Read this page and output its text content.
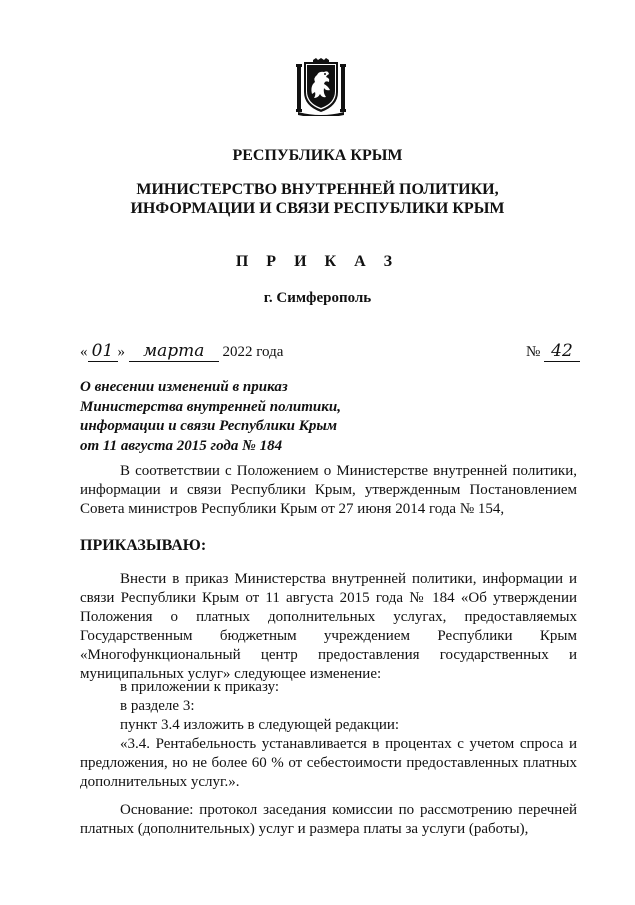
РЕСПУБЛИКА КРЫМ
МИНИСТЕРСТВО ВНУТРЕННЕЙ ПОЛИТИКИ,
ИНФОРМАЦИИ И СВЯЗИ РЕСПУБЛИКИ КРЫМ
П Р И К А З
г. Симферополь
« 01 » марта 2022 года	№ 42
О внесении изменений в приказ
Министерства внутренней политики,
информации и связи Республики Крым
от 11 августа 2015 года № 184
В соответствии с Положением о Министерстве внутренней политики, информации и связи Республики Крым, утвержденным Постановлением Совета министров Республики Крым от 27 июня 2014 года № 154,
ПРИКАЗЫВАЮ:
Внести в приказ Министерства внутренней политики, информации и связи Республики Крым от 11 августа 2015 года № 184 «Об утверждении Положения о платных дополнительных услугах, предоставляемых Государственным бюджетным учреждением Республики Крым «Многофункциональный центр предоставления государственных и муниципальных услуг» следующее изменение:
в приложении к приказу:
в разделе 3:
пункт 3.4 изложить в следующей редакции:
«3.4. Рентабельность устанавливается в процентах с учетом спроса и предложения, но не более 60 % от себестоимости предоставленных платных дополнительных услуг.».
Основание: протокол заседания комиссии по рассмотрению перечней платных (дополнительных) услуг и размера платы за услуги (работы),
